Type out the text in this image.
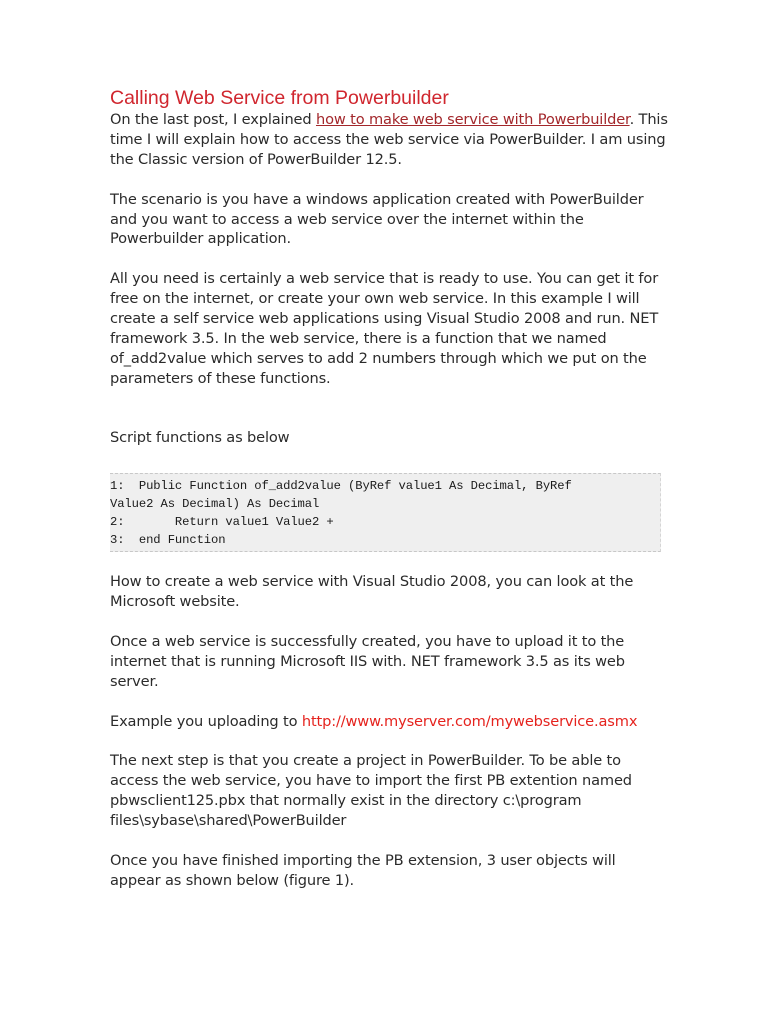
Calling Web Service from Powerbuilder

On the last post, I explained how to make web service with Powerbuilder. This time I will explain how to access the web service via PowerBuilder. I am using the Classic version of PowerBuilder 12.5.

The scenario is you have a windows application created with PowerBuilder and you want to access a web service over the internet within the Powerbuilder application.

All you need is certainly a web service that is ready to use. You can get it for free on the internet, or create your own web service. In this example I will create a self service web applications using Visual Studio 2008 and run. NET framework 3.5. In the web service, there is a function that we named of_add2value which serves to add 2 numbers through which we put on the parameters of these functions.

Script functions as below

1:  Public Function of_add2value (ByRef value1 As Decimal, ByRef
Value2 As Decimal) As Decimal
2:       Return value1 Value2 +
3:  end Function

How to create a web service with Visual Studio 2008, you can look at the Microsoft website.

Once a web service is successfully created, you have to upload it to the internet that is running Microsoft IIS with. NET framework 3.5 as its web server.

Example you uploading to http://www.myserver.com/mywebservice.asmx

The next step is that you create a project in PowerBuilder. To be able to access the web service, you have to import the first PB extention named pbwsclient125.pbx that normally exist in the directory c:\program files\sybase\shared\PowerBuilder

Once you have finished importing the PB extension, 3 user objects will appear as shown below (figure 1).
